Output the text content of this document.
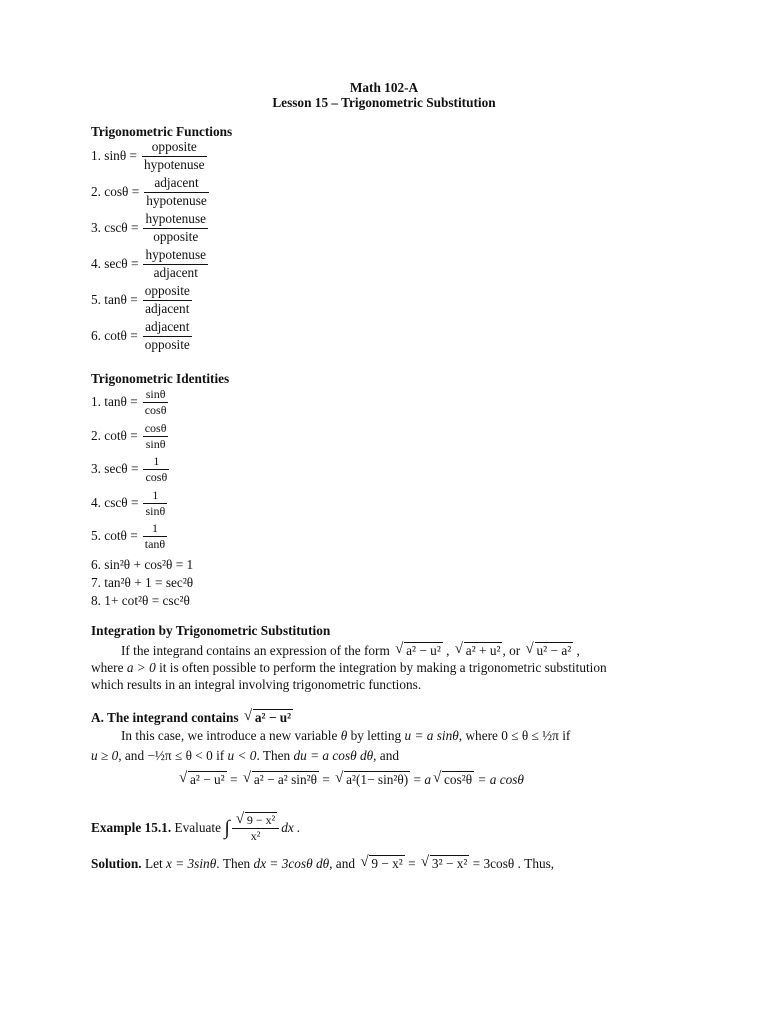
Math 102-A
Lesson 15 – Trigonometric Substitution
Trigonometric Functions
1. $\sin\theta = \frac{\text{opposite}}{\text{hypotenuse}}$
2. $\cos\theta = \frac{\text{adjacent}}{\text{hypotenuse}}$
3. $\csc\theta = \frac{\text{hypotenuse}}{\text{opposite}}$
4. $\sec\theta = \frac{\text{hypotenuse}}{\text{adjacent}}$
5. $\tan\theta = \frac{\text{opposite}}{\text{adjacent}}$
6. $\cot\theta = \frac{\text{adjacent}}{\text{opposite}}$
Trigonometric Identities
1. $\tan\theta = \frac{\sin\theta}{\cos\theta}$
2. $\cot\theta = \frac{\cos\theta}{\sin\theta}$
3. $\sec\theta = \frac{1}{\cos\theta}$
4. $\csc\theta = \frac{1}{\sin\theta}$
5. $\cot\theta = \frac{1}{\tan\theta}$
6. sin²θ + cos²θ = 1
7. tan²θ + 1 = sec²θ
8. 1+ cot²θ = csc²θ
Integration by Trigonometric Substitution
If the integrand contains an expression of the form √ a² − u² , √ a² + u² , or √ u² − a² ,
where a > 0 it is often possible to perform the integration by making a trigonometric substitution
which results in an integral involving trigonometric functions.
A. The integrand contains √ a² − u²
In this case, we introduce a new variable θ by letting u = a sinθ, where 0 ≤ θ ≤ ½π if
u ≥ 0, and −½π ≤ θ < 0 if u < 0. Then du = a cosθ dθ, and
√ a² − u² = √ a² − a² sin²θ = √ a²(1− sin²θ) = a √ cos²θ = a cosθ
Example 15.1.
Evaluate
∫ √ $\frac{\text{9 − x²}}{\text{x²}}$ dx .
Solution. Let x = 3sinθ. Then dx = 3cosθ dθ, and √ 9 − x² = √ 3² − x² = 3cosθ . Thus,
